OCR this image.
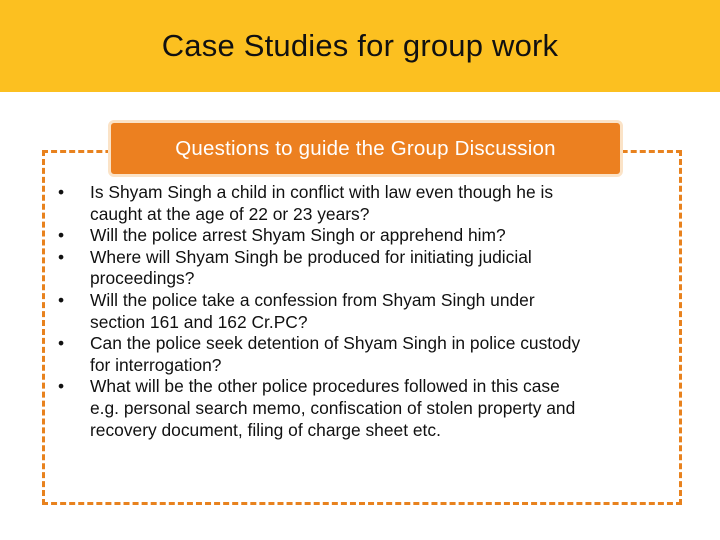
Case Studies for group work
Questions to guide the Group Discussion
•	Is Shyam Singh a child in conflict with law even though he is
caught at the age of 22 or 23 years?
•	Will the police arrest Shyam Singh or apprehend him?
•	Where will Shyam Singh be produced for initiating judicial
proceedings?
•	Will the police take a confession from Shyam Singh under
section 161 and 162 Cr.PC?
•	Can the police seek detention of Shyam Singh in police custody
for interrogation?
•	What will be the other police procedures followed in this case
e.g. personal search memo, confiscation of stolen property and
recovery document, filing of charge sheet etc.
